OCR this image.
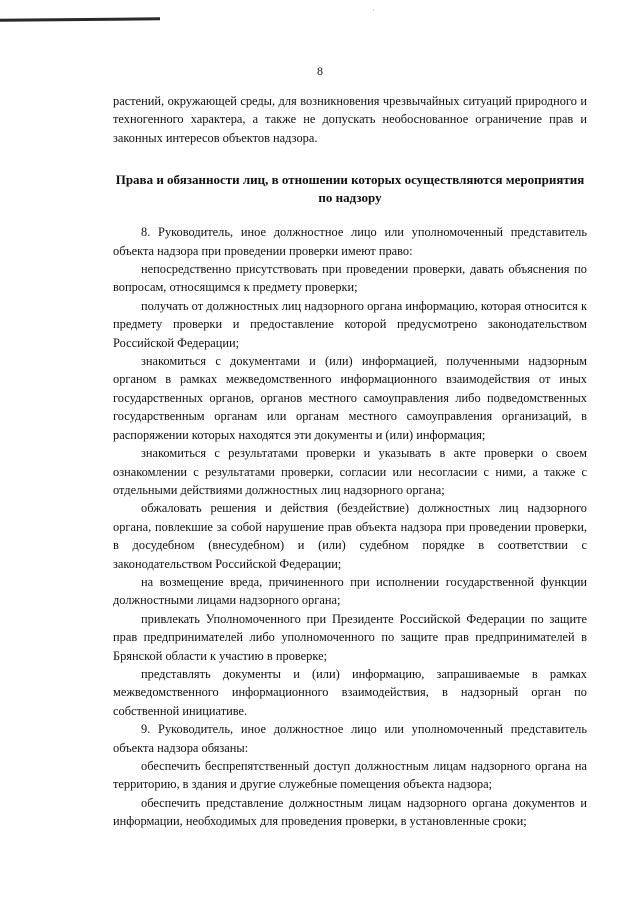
·
8

растений, окружающей среды, для возникновения чрезвычайных ситуаций природного и техногенного характера, а также не допускать необоснованное ограничение прав и законных интересов объектов надзора.

Права и обязанности лиц, в отношении которых осуществляются мероприятия по надзору

8. Руководитель, иное должностное лицо или уполномоченный представитель объекта надзора при проведении проверки имеют право:

непосредственно присутствовать при проведении проверки, давать объяснения по вопросам, относящимся к предмету проверки;

получать от должностных лиц надзорного органа информацию, которая относится к предмету проверки и предоставление которой предусмотрено законодательством Российской Федерации;

знакомиться с документами и (или) информацией, полученными надзорным органом в рамках межведомственного информационного взаимодействия от иных государственных органов, органов местного самоуправления либо подведомственных государственным органам или органам местного самоуправления организаций, в распоряжении которых находятся эти документы и (или) информация;

знакомиться с результатами проверки и указывать в акте проверки о своем ознакомлении с результатами проверки, согласии или несогласии с ними, а также с отдельными действиями должностных лиц надзорного органа;

обжаловать решения и действия (бездействие) должностных лиц надзорного органа, повлекшие за собой нарушение прав объекта надзора при проведении проверки, в досудебном (внесудебном) и (или) судебном порядке в соответствии с законодательством Российской Федерации;

на возмещение вреда, причиненного при исполнении государственной функции должностными лицами надзорного органа;

привлекать Уполномоченного при Президенте Российской Федерации по защите прав предпринимателей либо уполномоченного по защите прав предпринимателей в Брянской области к участию в проверке;

представлять документы и (или) информацию, запрашиваемые в рамках межведомственного информационного взаимодействия, в надзорный орган по собственной инициативе.

9. Руководитель, иное должностное лицо или уполномоченный представитель объекта надзора обязаны:

обеспечить беспрепятственный доступ должностным лицам надзорного органа на территорию, в здания и другие служебные помещения объекта надзора;

обеспечить представление должностным лицам надзорного органа документов и информации, необходимых для проведения проверки, в установленные сроки;
